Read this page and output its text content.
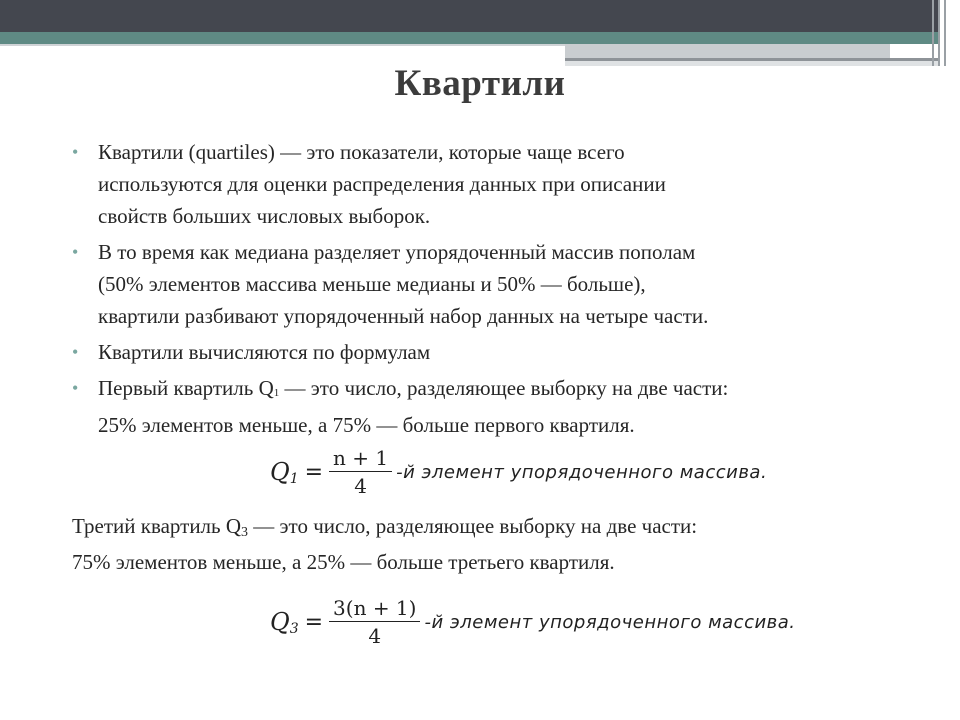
Квартили
• Квартили (quartiles) — это показатели, которые чаще всего
используются для оценки распределения данных при описании
свойств больших числовых выборок.
• В то время как медиана разделяет упорядоченный массив пополам
(50% элементов массива меньше медианы и 50% — больше),
квартили разбивают упорядоченный набор данных на четыре части.
• Квартили вычисляются по формулам
• Первый квартиль Q1 — это число, разделяющее выборку на две части:
25% элементов меньше, а 75% — больше первого квартиля.
$Q1 = \frac{n + 1}{4} -й$ элемент упорядоченного массива.
Третий квартиль Q3 — это число, разделяющее выборку на две части:
75% элементов меньше, а 25% — больше третьего квартиля.
$Q3 = \frac{3(n + 1)}{4} -й$ элемент упорядоченного массива.
